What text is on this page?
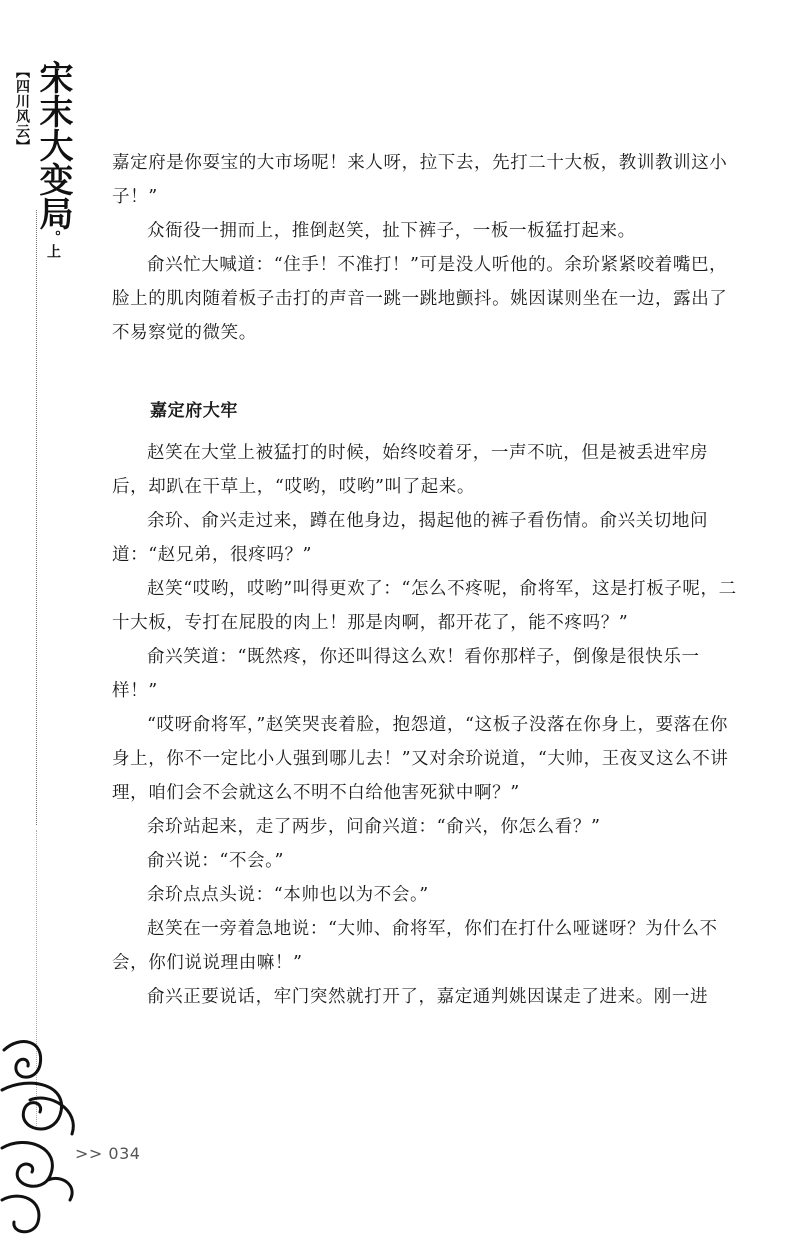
【四川风云】 宋末大变局。上

嘉定府是你耍宝的大市场呢！来人呀，拉下去，先打二十大板，教训教训这小子！”

众衙役一拥而上，推倒赵笑，扯下裤子，一板一板猛打起来。

俞兴忙大喊道：“住手！不准打！”可是没人听他的。余玠紧紧咬着嘴巴，脸上的肌肉随着板子击打的声音一跳一跳地颤抖。姚因谋则坐在一边，露出了不易察觉的微笑。

嘉定府大牢

赵笑在大堂上被猛打的时候，始终咬着牙，一声不吭，但是被丢进牢房后，却趴在干草上，“哎哟，哎哟”叫了起来。

余玠、俞兴走过来，蹲在他身边，揭起他的裤子看伤情。俞兴关切地问道：“赵兄弟，很疼吗？”

赵笑“哎哟，哎哟”叫得更欢了：“怎么不疼呢，俞将军，这是打板子呢，二十大板，专打在屁股的肉上！那是肉啊，都开花了，能不疼吗？”

俞兴笑道：“既然疼，你还叫得这么欢！看你那样子，倒像是很快乐一样！”

“哎呀俞将军，”赵笑哭丧着脸，抱怨道，“这板子没落在你身上，要落在你身上，你不一定比小人强到哪儿去！”又对余玠说道，“大帅，王夜叉这么不讲理，咱们会不会就这么不明不白给他害死狱中啊？”

余玠站起来，走了两步，问俞兴道：“俞兴，你怎么看？”

俞兴说：“不会。”

余玠点点头说：“本帅也以为不会。”

赵笑在一旁着急地说：“大帅、俞将军，你们在打什么哑谜呀？为什么不会，你们说说理由嘛！”

俞兴正要说话，牢门突然就打开了，嘉定通判姚因谋走了进来。刚一进

>> 034
